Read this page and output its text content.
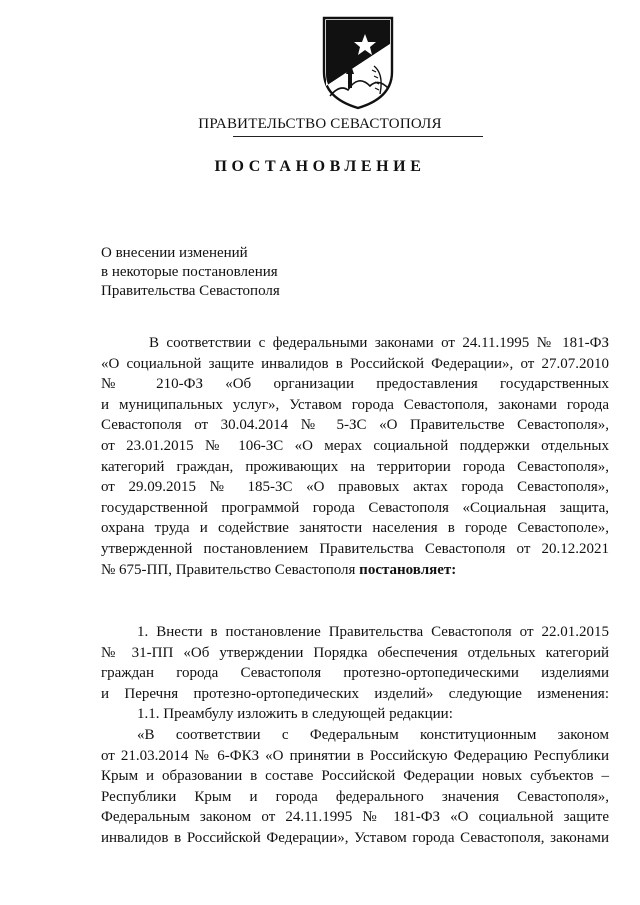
ПРАВИТЕЛЬСТВО СЕВАСТОПОЛЯ
ПОСТАНОВЛЕНИЕ
О внесении изменений
в некоторые постановления
Правительства Севастополя
В соответствии с федеральными законами от 24.11.1995 № 181-ФЗ
«О социальной защите инвалидов в Российской Федерации», от 27.07.2010
№ 210-ФЗ «Об организации предоставления государственных
и муниципальных услуг», Уставом города Севастополя, законами города
Севастополя от 30.04.2014 № 5-ЗС «О Правительстве Севастополя»,
от 23.01.2015 № 106-ЗС «О мерах социальной поддержки отдельных
категорий граждан, проживающих на территории города Севастополя»,
от 29.09.2015 № 185-ЗС «О правовых актах города Севастополя»,
государственной программой города Севастополя «Социальная защита,
охрана труда и содействие занятости населения в городе Севастополе»,
утвержденной постановлением Правительства Севастополя от 20.12.2021
№ 675-ПП, Правительство Севастополя постановляет:
1. Внести в постановление Правительства Севастополя от 22.01.2015
№ 31-ПП «Об утверждении Порядка обеспечения отдельных категорий
граждан города Севастополя протезно-ортопедическими изделиями
и Перечня протезно-ортопедических изделий» следующие изменения:
1.1. Преамбулу изложить в следующей редакции:
«В соответствии с Федеральным конституционным законом
от 21.03.2014 № 6-ФКЗ «О принятии в Российскую Федерацию Республики
Крым и образовании в составе Российской Федерации новых субъектов –
Республики Крым и города федерального значения Севастополя»,
Федеральным законом от 24.11.1995 № 181-ФЗ «О социальной защите
инвалидов в Российской Федерации», Уставом города Севастополя, законами
